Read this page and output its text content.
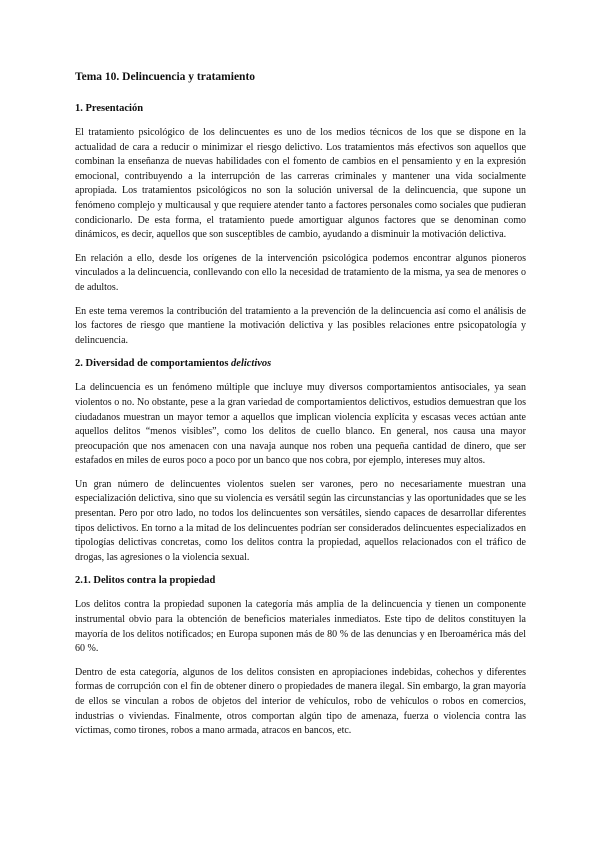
Tema 10. Delincuencia y tratamiento
1. Presentación

El tratamiento psicológico de los delincuentes es uno de los medios técnicos de los que se dispone en la actualidad de cara a reducir o minimizar el riesgo delictivo. Los tratamientos más efectivos son aquellos que combinan la enseñanza de nuevas habilidades con el fomento de cambios en el pensamiento y en la expresión emocional, contribuyendo a la interrupción de las carreras criminales y mantener una vida socialmente apropiada. Los tratamientos psicológicos no son la solución universal de la delincuencia, que supone un fenómeno complejo y multicausal y que requiere atender tanto a factores personales como sociales que pudieran condicionarlo. De esta forma, el tratamiento puede amortiguar algunos factores que se denominan como dinámicos, es decir, aquellos que son susceptibles de cambio, ayudando a disminuir la motivación delictiva.

En relación a ello, desde los orígenes de la intervención psicológica podemos encontrar algunos pioneros vinculados a la delincuencia, conllevando con ello la necesidad de tratamiento de la misma, ya sea de menores o de adultos.

En este tema veremos la contribución del tratamiento a la prevención de la delincuencia así como el análisis de los factores de riesgo que mantiene la motivación delictiva y las posibles relaciones entre psicopatología y delincuencia.

2. Diversidad de comportamientos delictivos

La delincuencia es un fenómeno múltiple que incluye muy diversos comportamientos antisociales, ya sean violentos o no. No obstante, pese a la gran variedad de comportamientos delictivos, estudios demuestran que los ciudadanos muestran un mayor temor a aquellos que implican violencia explícita y escasas veces actúan ante aquellos delitos “menos visibles”, como los delitos de cuello blanco. En general, nos causa una mayor preocupación que nos amenacen con una navaja aunque nos roben una pequeña cantidad de dinero, que ser estafados en miles de euros poco a poco por un banco que nos cobra, por ejemplo, intereses muy altos.

Un gran número de delincuentes violentos suelen ser varones, pero no necesariamente muestran una especialización delictiva, sino que su violencia es versátil según las circunstancias y las oportunidades que se les presentan. Pero por otro lado, no todos los delincuentes son versátiles, siendo capaces de desarrollar diferentes tipos delictivos. En torno a la mitad de los delincuentes podrían ser considerados delincuentes especializados en tipologías delictivas concretas, como los delitos contra la propiedad, aquellos relacionados con el tráfico de drogas, las agresiones o la violencia sexual.

2.1. Delitos contra la propiedad

Los delitos contra la propiedad suponen la categoría más amplia de la delincuencia y tienen un componente instrumental obvio para la obtención de beneficios materiales inmediatos. Este tipo de delitos constituyen la mayoría de los delitos notificados; en Europa suponen más de 80 % de las denuncias y en Iberoamérica más del 60 %.

Dentro de esta categoría, algunos de los delitos consisten en apropiaciones indebidas, cohechos y diferentes formas de corrupción con el fin de obtener dinero o propiedades de manera ilegal. Sin embargo, la gran mayoría de ellos se vinculan a robos de objetos del interior de vehículos, robo de vehículos o robos en comercios, industrias o viviendas. Finalmente, otros comportan algún tipo de amenaza, fuerza o violencia contra las víctimas, como tirones, robos a mano armada, atracos en bancos, etc.
